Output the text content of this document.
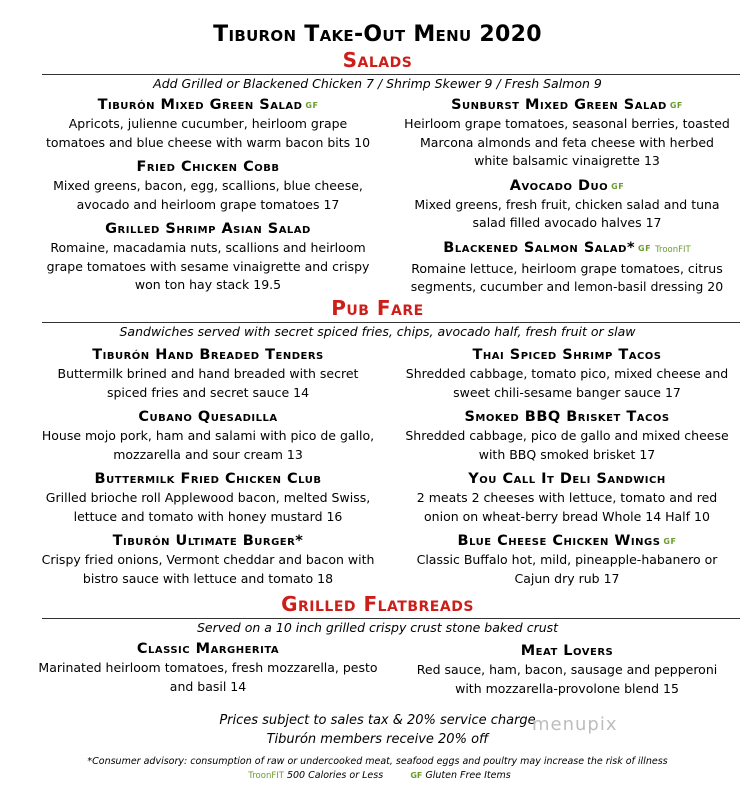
Tiburon Take-Out Menu 2020
Salads
Add Grilled or Blackened Chicken 7 / Shrimp Skewer 9 / Fresh Salmon 9
Tiburón Mixed Green Salad GF
Apricots, julienne cucumber, heirloom grape tomatoes and blue cheese with warm bacon bits 10
Fried Chicken Cobb
Mixed greens, bacon, egg, scallions, blue cheese, avocado and heirloom grape tomatoes 17
Grilled Shrimp Asian Salad
Romaine, macadamia nuts, scallions and heirloom grape tomatoes with sesame vinaigrette and crispy won ton hay stack 19.5
Sunburst Mixed Green Salad GF
Heirloom grape tomatoes, seasonal berries, toasted Marcona almonds and feta cheese with herbed white balsamic vinaigrette 13
Avocado Duo GF
Mixed greens, fresh fruit, chicken salad and tuna salad filled avocado halves 17
Blackened Salmon Salad* GF TroonFIT
Romaine lettuce, heirloom grape tomatoes, citrus segments, cucumber and lemon-basil dressing 20
Pub Fare
Sandwiches served with secret spiced fries, chips, avocado half, fresh fruit or slaw
Tiburón Hand Breaded Tenders
Buttermilk brined and hand breaded with secret spiced fries and secret sauce 14
Cubano Quesadilla
House mojo pork, ham and salami with pico de gallo, mozzarella and sour cream 13
Buttermilk Fried Chicken Club
Grilled brioche roll Applewood bacon, melted Swiss, lettuce and tomato with honey mustard 16
Tiburón Ultimate Burger*
Crispy fried onions, Vermont cheddar and bacon with bistro sauce with lettuce and tomato 18
Thai Spiced Shrimp Tacos
Shredded cabbage, tomato pico, mixed cheese and sweet chili-sesame banger sauce 17
Smoked BBQ Brisket Tacos
Shredded cabbage, pico de gallo and mixed cheese with BBQ smoked brisket 17
You Call It Deli Sandwich
2 meats 2 cheeses with lettuce, tomato and red onion on wheat-berry bread Whole 14 Half 10
Blue Cheese Chicken Wings GF
Classic Buffalo hot, mild, pineapple-habanero or Cajun dry rub 17
Grilled Flatbreads
Served on a 10 inch grilled crispy crust stone baked crust
Classic Margherita
Marinated heirloom tomatoes, fresh mozzarella, pesto and basil 14
Meat Lovers
Red sauce, ham, bacon, sausage and pepperoni with mozzarella-provolone blend 15
Prices subject to sales tax & 20% service charge
Tiburón members receive 20% off
menupix
*Consumer advisory: consumption of raw or undercooked meat, seafood eggs and poultry may increase the risk of illness
TroonFIT 500 Calories or Less	GF Gluten Free Items
